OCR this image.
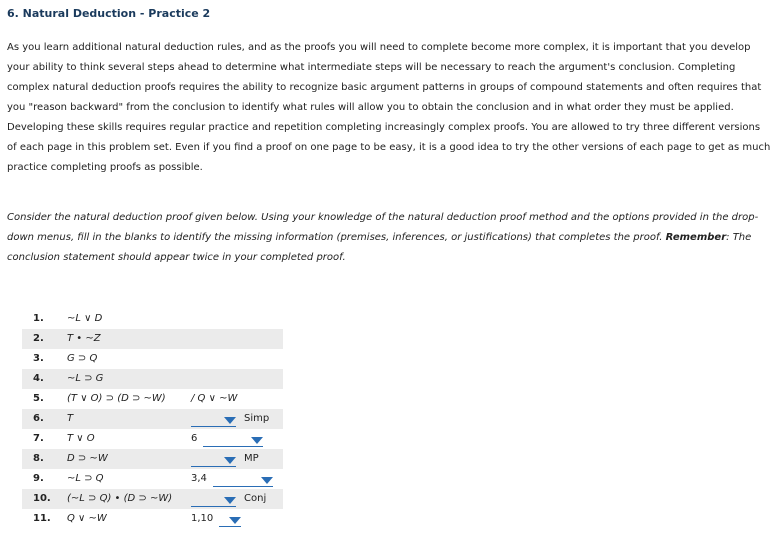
6. Natural Deduction - Practice 2
As you learn additional natural deduction rules, and as the proofs you will need to complete become more complex, it is important that you develop your ability to think several steps ahead to determine what intermediate steps will be necessary to reach the argument's conclusion. Completing complex natural deduction proofs requires the ability to recognize basic argument patterns in groups of compound statements and often requires that you "reason backward" from the conclusion to identify what rules will allow you to obtain the conclusion and in what order they must be applied. Developing these skills requires regular practice and repetition completing increasingly complex proofs. You are allowed to try three different versions of each page in this problem set. Even if you find a proof on one page to be easy, it is a good idea to try the other versions of each page to get as much practice completing proofs as possible.
Consider the natural deduction proof given below. Using your knowledge of the natural deduction proof method and the options provided in the drop-down menus, fill in the blanks to identify the missing information (premises, inferences, or justifications) that completes the proof. Remember: The conclusion statement should appear twice in your completed proof.
1. ~L ∨ D
2. T • ~Z
3. G ⊃ Q
4. ~L ⊃ G
5. (T ∨ O) ⊃ (D ⊃ ~W)	/ Q ∨ ~W
6. T	Simp
7. T ∨ O	6
8. D ⊃ ~W	MP
9. ~L ⊃ Q	3,4
10. (~L ⊃ Q) • (D ⊃ ~W)	Conj
11. Q ∨ ~W	1,10
